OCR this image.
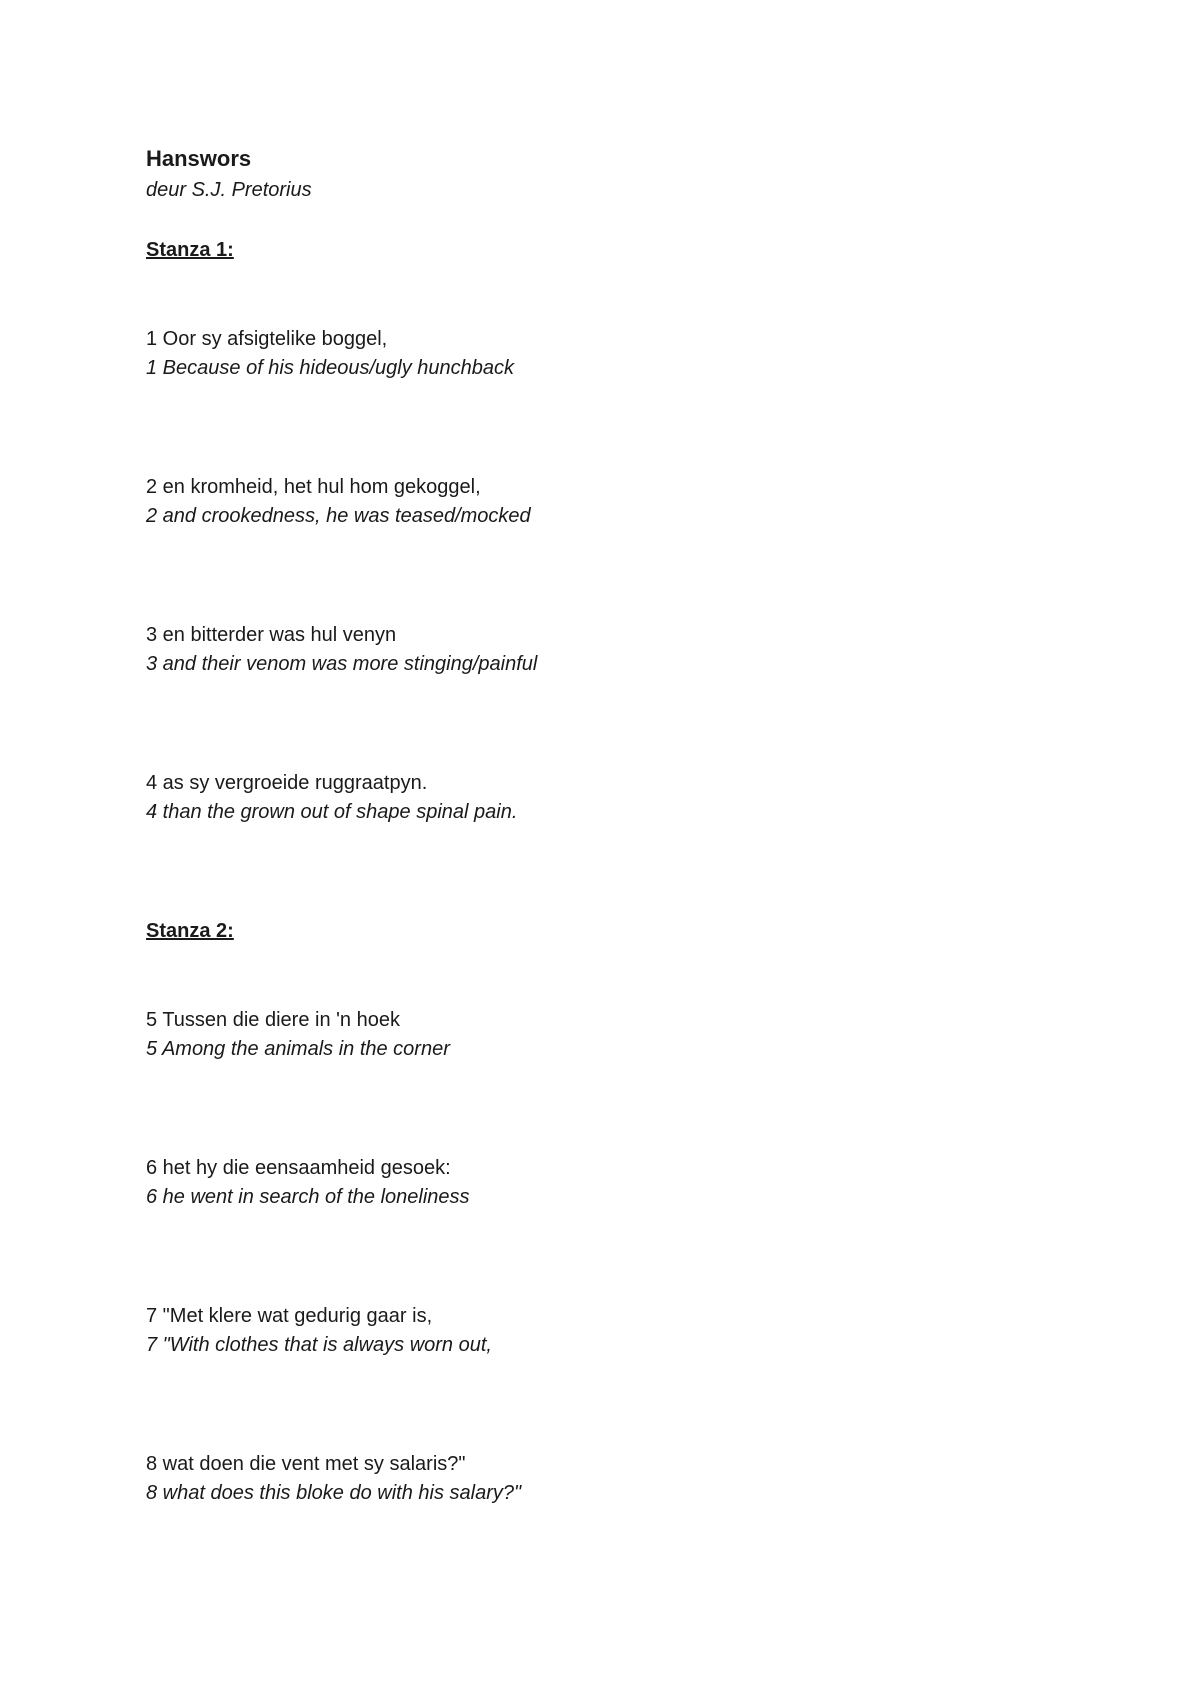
Hanswors
deur S.J. Pretorius
Stanza 1:
1 Oor sy afsigtelike boggel,
1 Because of his hideous/ugly hunchback
2 en kromheid, het hul hom gekoggel,
2 and crookedness, he was teased/mocked
3 en bitterder was hul venyn
3 and their venom was more stinging/painful
4 as sy vergroeide ruggraatpyn.
4 than the grown out of shape spinal pain.
Stanza 2:
5 Tussen die diere in 'n hoek
5 Among the animals in the corner
6 het hy die eensaamheid gesoek:
6 he went in search of the loneliness
7 "Met klere wat gedurig gaar is,
7 "With clothes that is always worn out,
8 wat doen die vent met sy salaris?"
8 what does this bloke do with his salary?"
